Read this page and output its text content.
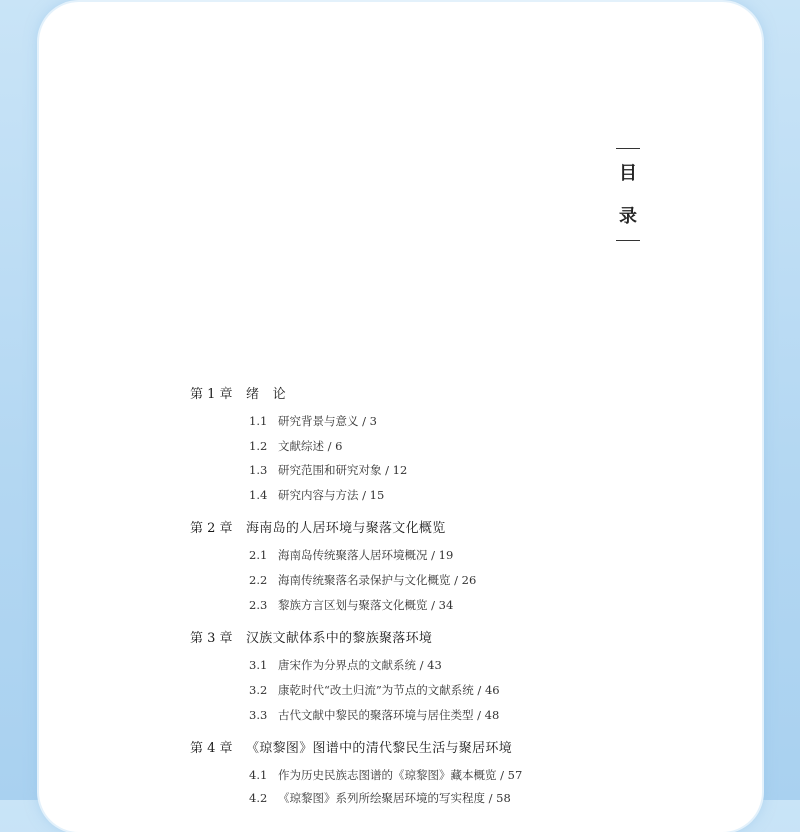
目
录
第 1 章 绪　论
1.1 研究背景与意义 / 3
1.2 文献综述 / 6
1.3 研究范围和研究对象 / 12
1.4 研究内容与方法 / 15
第 2 章 海南岛的人居环境与聚落文化概览
2.1 海南岛传统聚落人居环境概况 / 19
2.2 海南传统聚落名录保护与文化概览 / 26
2.3 黎族方言区划与聚落文化概览 / 34
第 3 章 汉族文献体系中的黎族聚落环境
3.1 唐宋作为分界点的文献系统 / 43
3.2 康乾时代“改土归流”为节点的文献系统 / 46
3.3 古代文献中黎民的聚落环境与居住类型 / 48
第 4 章 《琼黎图》图谱中的清代黎民生活与聚居环境
4.1 作为历史民族志图谱的《琼黎图》藏本概览 / 57
4.2 《琼黎图》系列所绘聚居环境的写实程度 / 58
